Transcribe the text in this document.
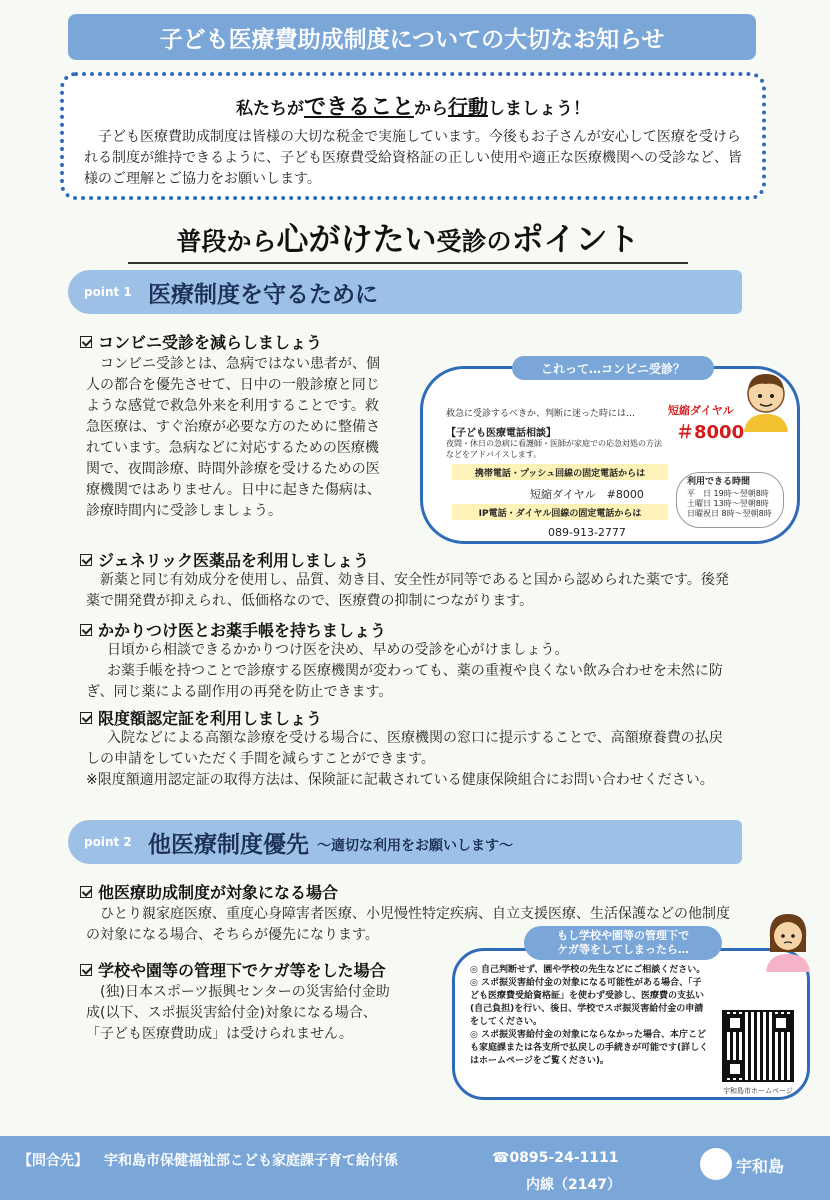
子ども医療費助成制度についての大切なお知らせ
私たちができることから行動しましょう！
子ども医療費助成制度は皆様の大切な税金で実施しています。今後もお子さんが安心して医療を受けられる制度が維持できるように、子ども医療費受給資格証の正しい使用や適正な医療機関への受診など、皆様のご理解とご協力をお願いします。
普段から心がけたい受診のポイント
point 1 医療制度を守るために
コンビニ受診を減らしましょう
コンビニ受診とは、急病ではない患者が、個人の都合を優先させて、日中の一般診療と同じような感覚で救急外来を利用することです。救急医療は、すぐ治療が必要な方のために整備されています。急病などに対応するための医療機関で、夜間診療、時間外診療を受けるための医療機関ではありません。日中に起きた傷病は、診療時間内に受診しましょう。
これって…コンビニ受診？
救急に受診するべきか、判断に迷った時には…	短縮ダイヤル
＃8000
【子ども医療電話相談】
夜間・休日の急病に看護師・医師が家庭での応急対処の方法などをアドバイスします。
携帯電話・プッシュ回線の固定電話からは
短縮ダイヤル　#8000
IP電話・ダイヤル回線の固定電話からは
089-913-2777
利用できる時間
平　日 19時～翌朝8時
土曜日 13時～翌朝8時
日曜祝日 8時～翌朝8時
ジェネリック医薬品を利用しましょう
新薬と同じ有効成分を使用し、品質、効き目、安全性が同等であると国から認められた薬です。後発薬で開発費が抑えられ、低価格なので、医療費の抑制につながります。
かかりつけ医とお薬手帳を持ちましょう
日頃から相談できるかかりつけ医を決め、早めの受診を心がけましょう。
お薬手帳を持つことで診療する医療機関が変わっても、薬の重複や良くない飲み合わせを未然に防ぎ、同じ薬による副作用の再発を防止できます。
限度額認定証を利用しましょう
入院などによる高額な診療を受ける場合に、医療機関の窓口に提示することで、高額療養費の払戻しの申請をしていただく手間を減らすことができます。
※限度額適用認定証の取得方法は、保険証に記載されている健康保険組合にお問い合わせください。
point 2 他医療制度優先 ～適切な利用をお願いします～
他医療助成制度が対象になる場合
ひとり親家庭医療、重度心身障害者医療、小児慢性特定疾病、自立支援医療、生活保護などの他制度の対象になる場合、そちらが優先になります。
学校や園等の管理下でケガ等をした場合
(独)日本スポーツ振興センターの災害給付金助成(以下、スポ振災害給付金)対象になる場合、「子ども医療費助成」は受けられません。
もし学校や園等の管理下で
ケガ等をしてしまったら…
◎ 自己判断せず、園や学校の先生などにご相談ください。
◎ スポ振災害給付金の対象になる可能性がある場合、「子ども医療費受給資格証」を使わず受診し、医療費の支払い(自己負担)を行い、後日、学校でスポ振災害給付金の申請をしてください。
◎ スポ振災害給付金の対象にならなかった場合、本庁こども家庭課または各支所で払戻しの手続きが可能です(詳しくはホームページをご覧ください)。
宇和島市ホームページ
【問合先】 宇和島市保健福祉部こども家庭課子育て給付係	☎0895-24-1111
内線（2147）
宇和島
